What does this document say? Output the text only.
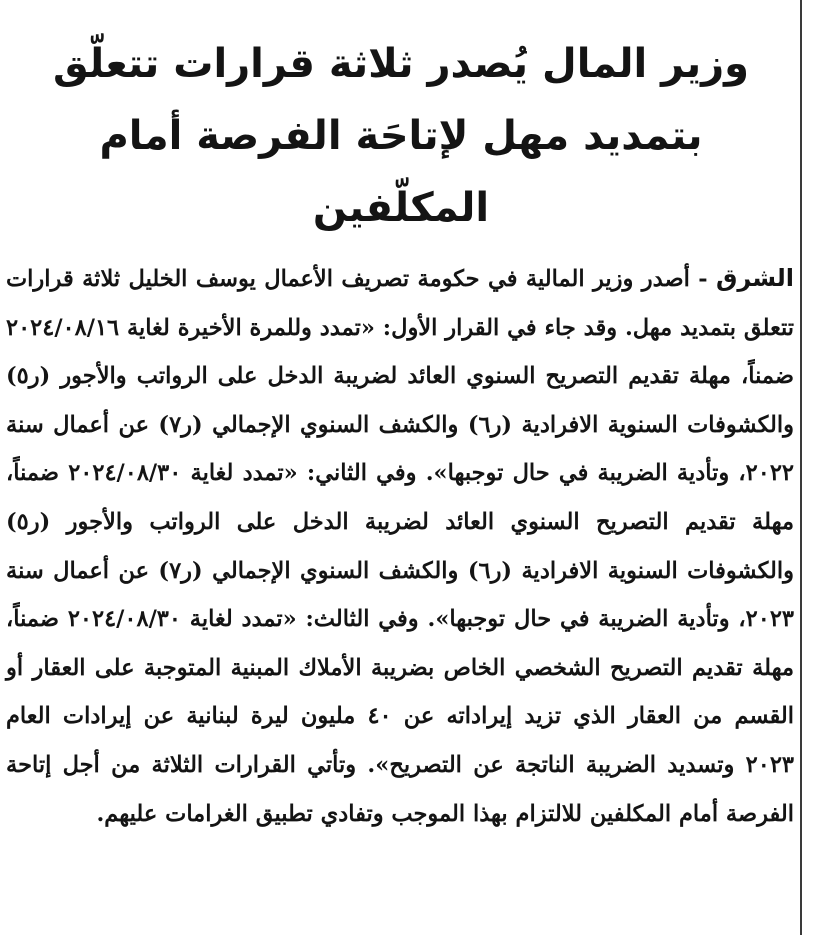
وزير المال يُصدر ثلاثة قرارات تتعلّق
بتمديد مهل لإتاحَة الفرصة أمام المكلّفين

الشرق - أصدر وزير المالية في حكومة تصريف الأعمال يوسف الخليل ثلاثة قرارات تتعلق بتمديد مهل. وقد جاء في القرار الأول: «تمدد وللمرة الأخيرة لغاية ٢٠٢٤/٠٨/١٦ ضمناً، مهلة تقديم التصريح السنوي العائد لضريبة الدخل على الرواتب والأجور (ر٥) والكشوفات السنوية الافرادية (ر٦) والكشف السنوي الإجمالي (ر٧) عن أعمال سنة ٢٠٢٢، وتأدية الضريبة في حال توجبها». وفي الثاني: «تمدد لغاية ٢٠٢٤/٠٨/٣٠ ضمناً، مهلة تقديم التصريح السنوي العائد لضريبة الدخل على الرواتب والأجور (ر٥) والكشوفات السنوية الافرادية (ر٦) والكشف السنوي الإجمالي (ر٧) عن أعمال سنة ٢٠٢٣، وتأدية الضريبة في حال توجبها». وفي الثالث: «تمدد لغاية ٢٠٢٤/٠٨/٣٠ ضمناً، مهلة تقديم التصريح الشخصي الخاص بضريبة الأملاك المبنية المتوجبة على العقار أو القسم من العقار الذي تزيد إيراداته عن ٤٠ مليون ليرة لبنانية عن إيرادات العام ٢٠٢٣ وتسديد الضريبة الناتجة عن التصريح». وتأتي القرارات الثلاثة من أجل إتاحة الفرصة أمام المكلفين للالتزام بهذا الموجب وتفادي تطبيق الغرامات عليهم.
